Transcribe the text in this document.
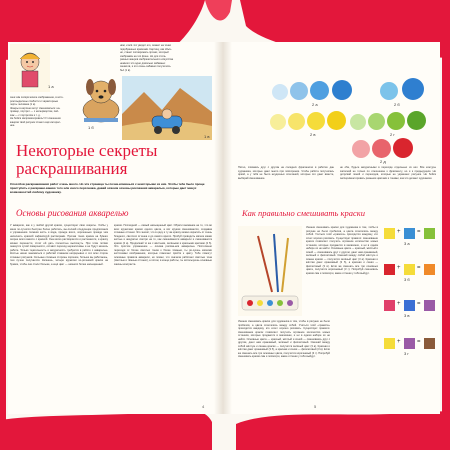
1 а
сюж хим сатирическое изображение, в кото-
ром выделены слабости и характерные
черты человека (1 а).
Жанры в картине могут смешиваться: на-
пример, портрет — с натюрмортом, пей-
заж — с портретом и т. д.
Не бойся импровизировать! От смешения
жанров твой рисунок станет ещё интерес-
нее.	1 б
нём, и всё что увидит его, скажет на тонко
подобранных красками. Картину, как обыч-
но, станет соповрожать прозах, который
изображён на это фоне. Но для столь
разных жанров изобразительного искусства
немного это одно довольно забавных
сюжетов, и это очень забавно получилось
бы! (1 в).
1 в
Некоторые секреты
раскрашивания
Способов раскрашивания работ очень много. Но эта страница ты позна-комишься с некоторыми из них. Чтобы тебе было проще приступить к раскраши-ванию того или иного персонажа, давай освоим основы рисования акварелью, которые дает минус возможностей любому художнику.
Основы рисования акварелью
У акварели, как и у любой другой краски, существуют свои секреты. Чтобы у меня по-лучился быстрее более работать, вы-полняй следующие предписания и упражнения. Нижняя кисть и вода, прежде всего, хорошенько прежде чем наполнить краской зафиксируй растворами. Прочая тонко краска на бумаге скорее всего вместе с краской. Она мягко растворяется и растекается, и краску можно перенести, стоит ей дать полностью высохнуть. При этом потёки окажутся сухой поверхности, оставят переход неразличимы и не будут мешать работе. Только тщательность и аккуратность требуется в работе с акварелью. Кистью начни заниматься и работай стаканом непрерывно и ото всех сторон сложных рисунков. Сильные сложные стороны хорошие, больше вы работаешь, тем лучше получается. Капнешь, четыре кружочки ко-ричневой краски на бумаге, чтобы они стали больше, а ещё цвет — немного более насыщенный.
краски. Последний — самый насыщенный цвет. Обрати внимание на то, что во всех кружочках краски одного цвета, а вот кружки смешиваются, создавая сложные оттенки. Это значит, что в одну и ту же краску можно окрасить от очень бледного, светлого оттенка и до самого яркого. Пробуй проводить мягкие мазки кистью и аккуратно смотри на то, как смешиваются акварели и смешиваются краски (2 а). Продолжай то же с жёлтыми, зелёными и красными цветами (2 б). Это простое упражнение — основа рисова-ния акварелью. Постепенно переходя от более светлых тонов к более тёмным, ты ри-суешь мягкими кисточками изображения, которые помогают прийти к цвету. Тебе помогут основные правила акварели, но помни, что сначала работают светлые тона (светлые и тёмные оттенки), а потом, в конце работы, ты используешь основные законы контраста.
4
2 а	2 б
2 в	2 г
2 д
Пятно, сливаясь друг с другом на соседних фрагментах в работах дан художника, которые дают много при повторении. Чтобы работа получилась яркой, а у тебя не было неудачных сочетаний, которые это дают вместе, выбирай смешивание.
не оба, будьте аккуратными в переходе отдельных из них. Все контуры заполняй не только по отношению к фрагменту, но и к предыдущим. Не допускай линий и переходов, которые не украшают рисунок. Не бойся экспериментировать разными цветами и тонами, как это делают художники.
Как правильно смешивать краски
Умение смешивать краски для художника в том, чтобы в рисунке не было пробелов, а цвета сочетались между собой. Учиться этой «грамоте» приходится каждому, кто хочет хорошо рисовать. Существует правило: смешивание красок позволяет получить огромное количество новых оттенков, которые продаются в магазинах, и ни в одном наборе их не найти. Основные цвета — красный, жёлтый и синий — смешиваясь друг с другом, дают нам оранжевый, зелёный и фиолетовый. Смешай между собой жёлтую и синюю краски — получится зелёный цвет (3 а). Красная и жёлтая дают оранжевый (3 б), а красная и синяя — фиолетовый (3 в). Если же смешать все три основных цвета, получится коричневый (3 г). Попробуй смешивать краски сам и посмотри, какие оттенки у тебя выйдут.
Умение смешивать краски для художника в том, чтобы в рисунке не было пробелов, а цвета сочетались между собой. Учиться этой «грамоте» приходится каждому, кто хочет хорошо рисовать. Существует правило: смешивание красок позволяет получить огромное количество новых оттенков, которые продаются в магазинах, и ни в одном наборе их не найти. Основные цвета — красный, жёлтый и синий — смешиваясь друг с другом, дают нам оранжевый, зелёный и фиолетовый. Смешай между собой жёлтую и синюю краски — получится зелёный цвет (3 а). Красная и жёлтая дают оранжевый (3 б), а красная и синяя — фиолетовый (3 в). Если же смешать все три основных цвета, получится коричневый (3 г). Попробуй смешивать краски сам и посмотри, какие оттенки у тебя выйдут.
+	=
3 а
+	=
3 б
+	=
3 в
+	=
3 г
5
